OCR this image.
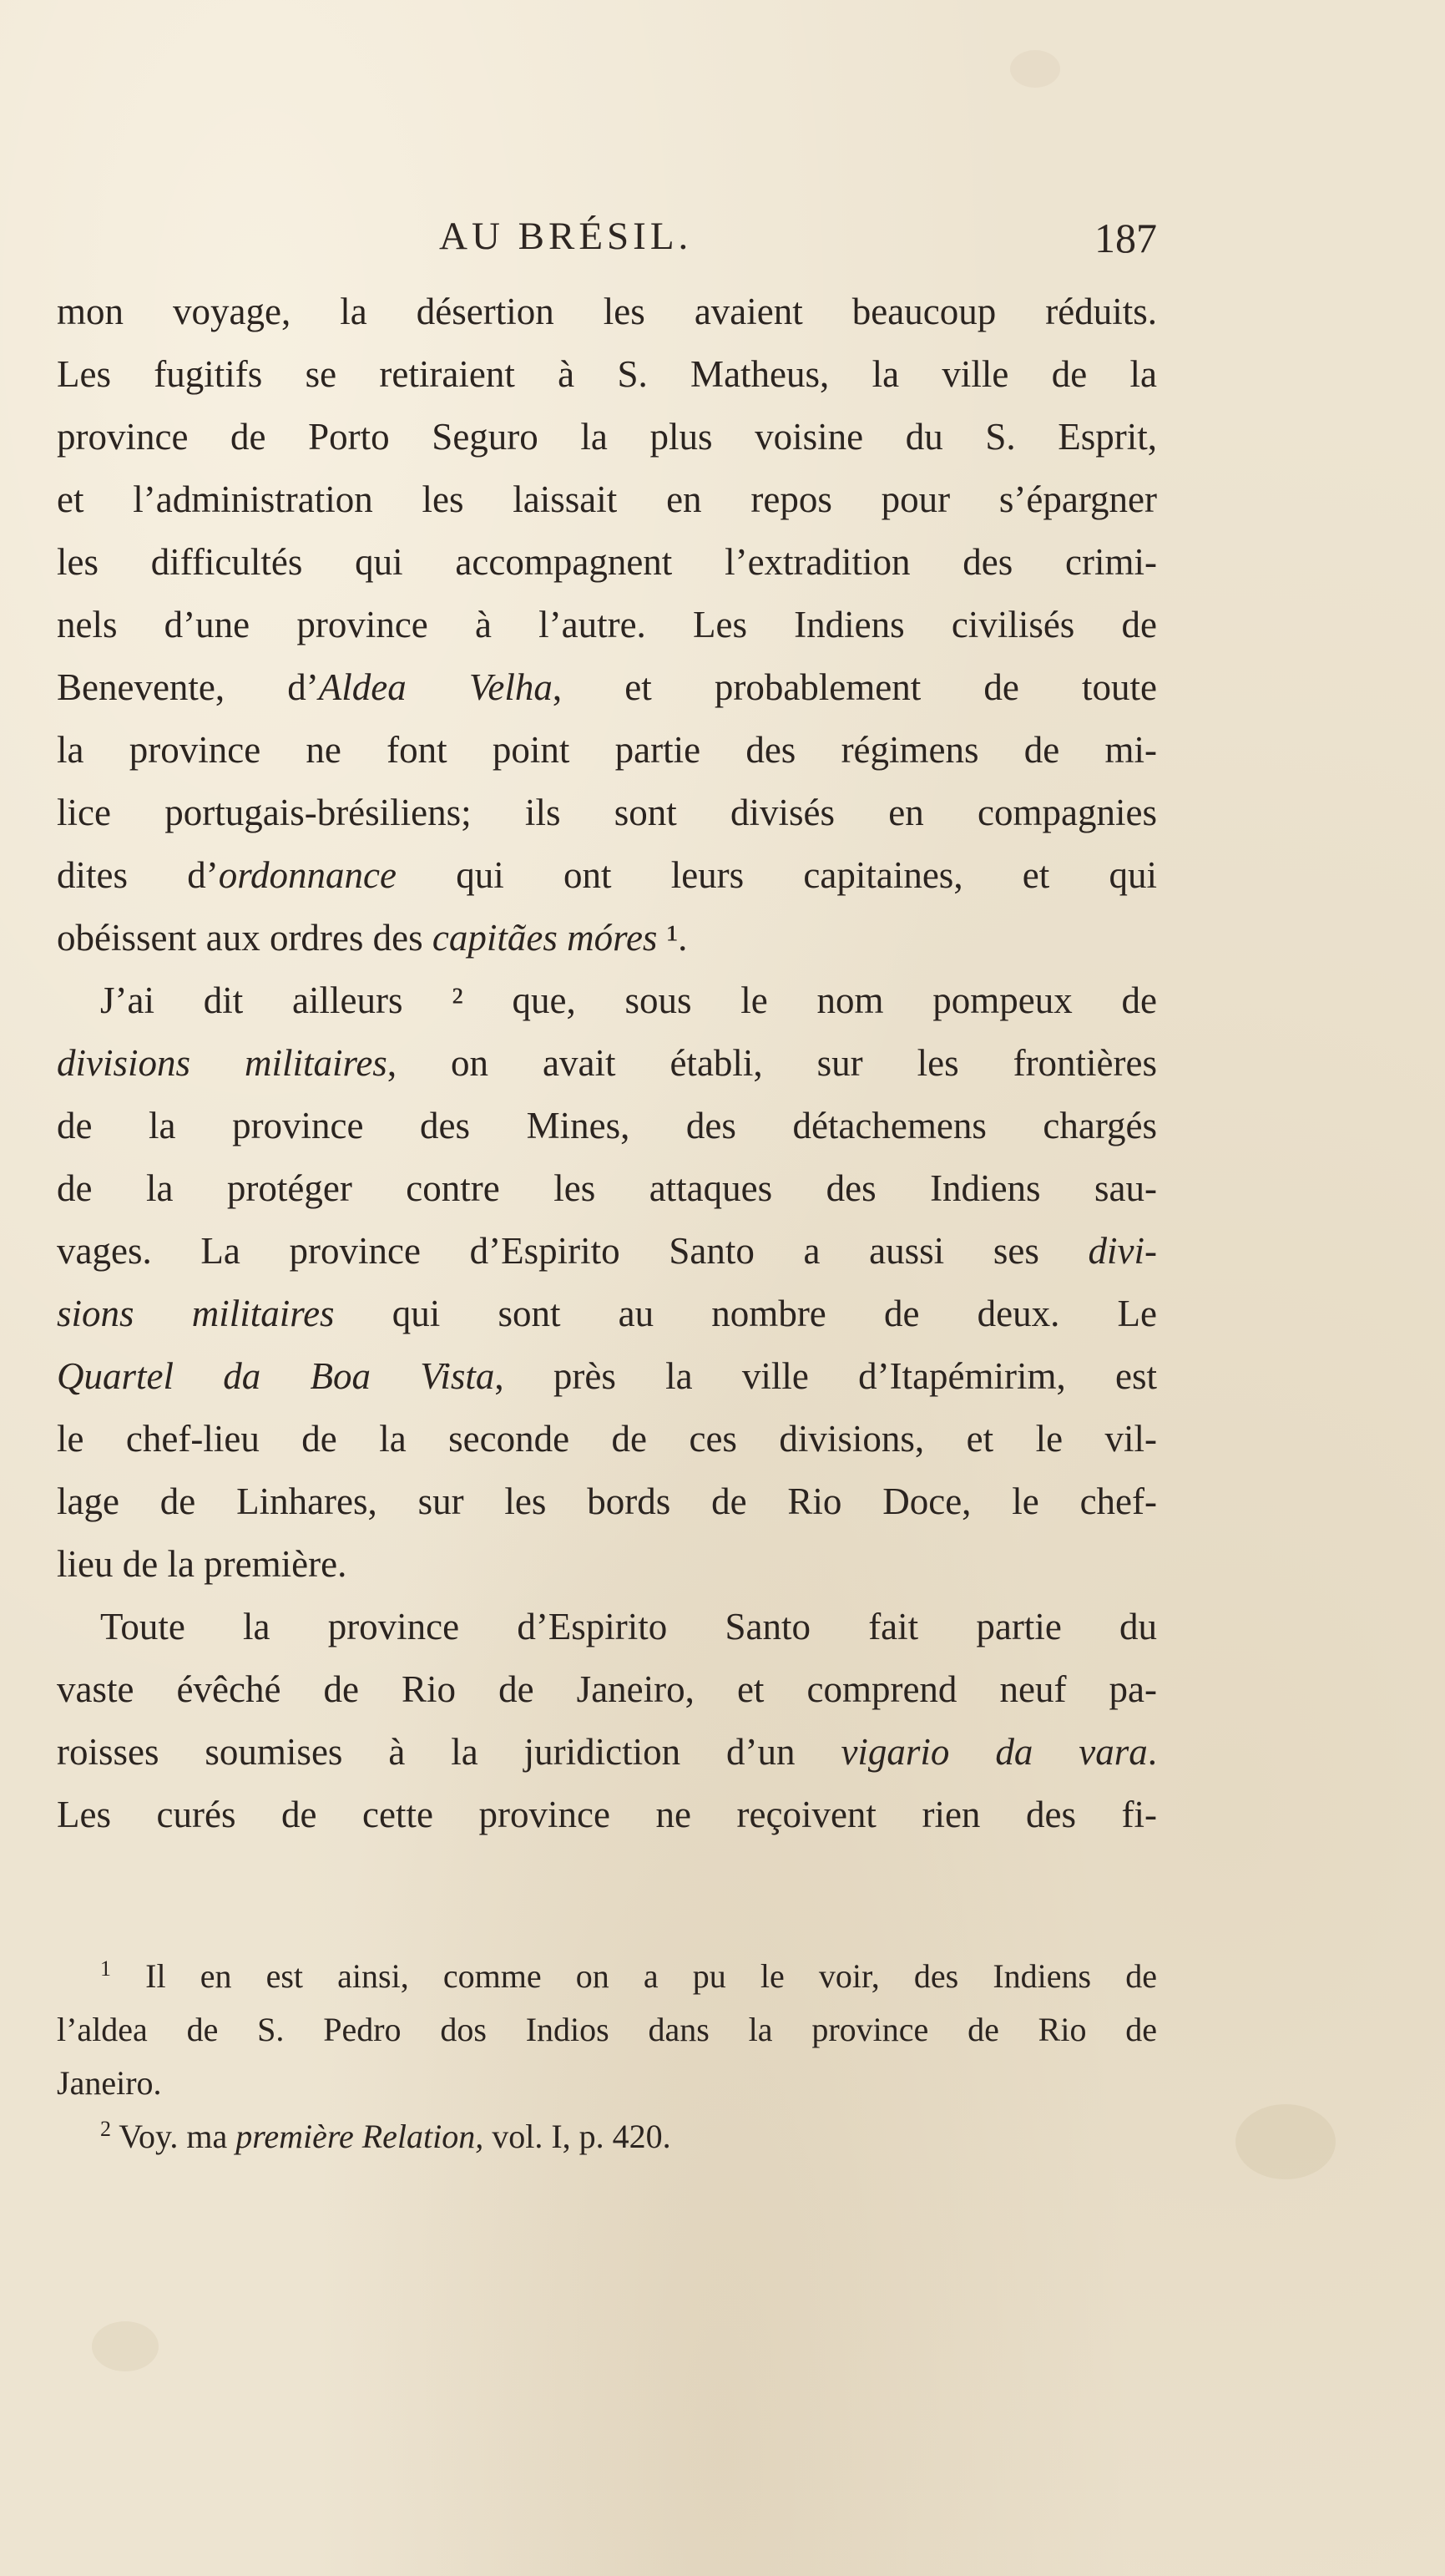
AU BRÉSIL.	187
mon voyage, la désertion les avaient beaucoup réduits.
Les fugitifs se retiraient à S. Matheus, la ville de la
province de Porto Seguro la plus voisine du S. Esprit,
et l’administration les laissait en repos pour s’épargner
les difficultés qui accompagnent l’extradition des crimi-
nels d’une province à l’autre. Les Indiens civilisés de
Benevente, d’Aldea Velha, et probablement de toute
la province ne font point partie des régimens de mi-
lice portugais-brésiliens; ils sont divisés en compagnies
dites d’ordonnance qui ont leurs capitaines, et qui
obéissent aux ordres des capitães móres ¹.
J’ai dit ailleurs ² que, sous le nom pompeux de
divisions militaires, on avait établi, sur les frontières
de la province des Mines, des détachemens chargés
de la protéger contre les attaques des Indiens sau-
vages. La province d’Espirito Santo a aussi ses divi-
sions militaires qui sont au nombre de deux. Le
Quartel da Boa Vista, près la ville d’Itapémirim, est
le chef-lieu de la seconde de ces divisions, et le vil-
lage de Linhares, sur les bords de Rio Doce, le chef-
lieu de la première.
Toute la province d’Espirito Santo fait partie du
vaste évêché de Rio de Janeiro, et comprend neuf pa-
roisses soumises à la juridiction d’un vigario da vara.
Les curés de cette province ne reçoivent rien des fi-
$^1$ Il en est ainsi, comme on a pu le voir, des Indiens de
l’aldea de S. Pedro dos Indios dans la province de Rio de
Janeiro.
$^2$ Voy. ma première Relation, vol. I, p. 420.
